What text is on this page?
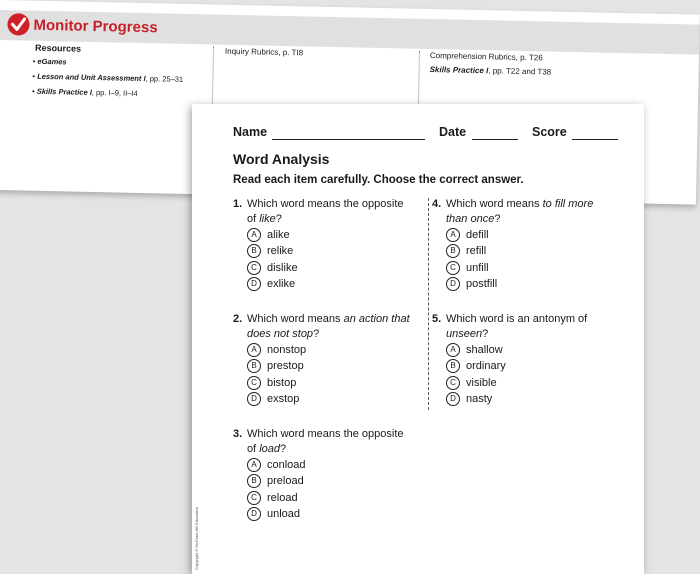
Monitor Progress
Resources
• eGames
• Lesson and Unit Assessment I, pp. 25–31
• Skills Practice I, pp. I–9, II–I4
Inquiry Rubrics, p. TI8	Comprehension Rubrics, p. T26
Skills Practice I, pp. T22 and T38
Name	Date	Score
Word Analysis
Read each item carefully. Choose the correct answer.
1. Which word means the opposite of like?
A alike
B relike
C dislike
D exlike
2. Which word means an action that does not stop?
A nonstop
B prestop
C bistop
D exstop
3. Which word means the opposite of load?
A conload
B preload
C reload
D unload
4. Which word means to fill more than once?
A defill
B refill
C unfill
D postfill
5. Which word is an antonym of unseen?
A shallow
B ordinary
C visible
D nasty
Copyright © McGraw-Hill Education
